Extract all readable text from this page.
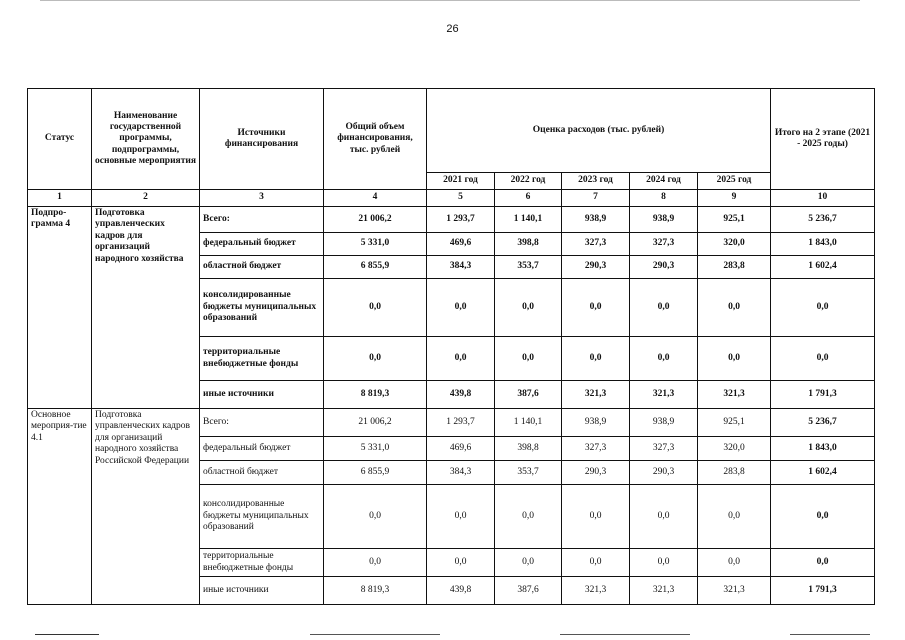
26
Статус	Наименование государственной программы, подпрограммы, основные мероприятия	Источники финансирования	Общий объем финансирования, тыс. рублей	Оценка расходов (тыс. рублей)					Итого на 2 этапе (2021 - 2025 годы)
				2021 год	2022 год	2023 год	2024 год	2025 год	
1	2	3	4	5	6	7	8	9	10
Подпро-грамма 4	Подготовка управленческих кадров для организаций народного хозяйства	Всего:	21 006,2	1 293,7	1 140,1	938,9	938,9	925,1	5 236,7
		федеральный бюджет	5 331,0	469,6	398,8	327,3	327,3	320,0	1 843,0
		областной бюджет	6 855,9	384,3	353,7	290,3	290,3	283,8	1 602,4
		консолидированные бюджеты муниципальных образований	0,0	0,0	0,0	0,0	0,0	0,0	0,0
		территориальные внебюджетные фонды	0,0	0,0	0,0	0,0	0,0	0,0	0,0
		иные источники	8 819,3	439,8	387,6	321,3	321,3	321,3	1 791,3
Основное мероприя-тие 4.1	Подготовка управленческих кадров для организаций народного хозяйства Российской Федерации	Всего:	21 006,2	1 293,7	1 140,1	938,9	938,9	925,1	5 236,7
		федеральный бюджет	5 331,0	469,6	398,8	327,3	327,3	320,0	1 843,0
		областной бюджет	6 855,9	384,3	353,7	290,3	290,3	283,8	1 602,4
		консолидированные бюджеты муниципальных образований	0,0	0,0	0,0	0,0	0,0	0,0	0,0
		территориальные внебюджетные фонды	0,0	0,0	0,0	0,0	0,0	0,0	0,0
		иные источники	8 819,3	439,8	387,6	321,3	321,3	321,3	1 791,3
